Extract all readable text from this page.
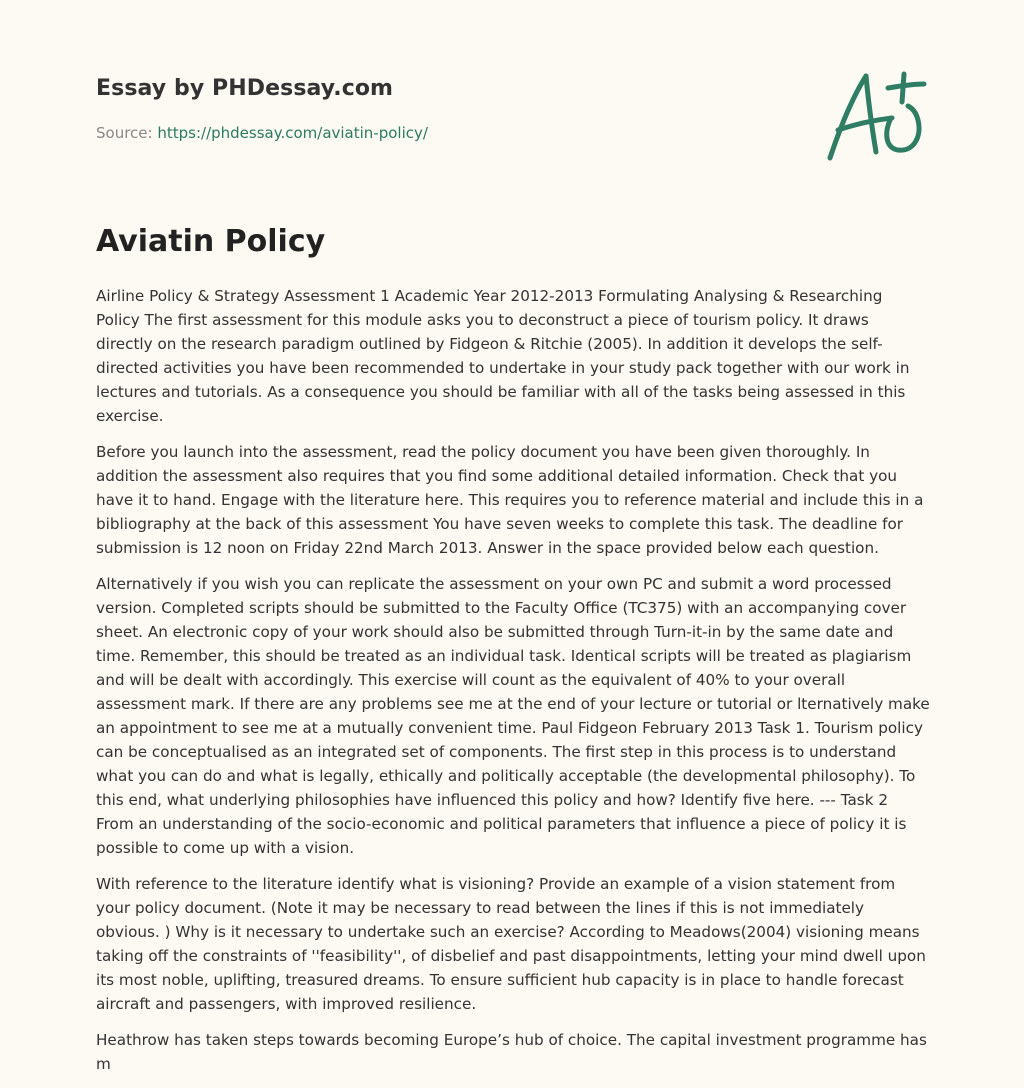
Essay by PHDessay.com

Source: https://phdessay.com/aviatin-policy/

Aviatin Policy

Airline Policy & Strategy Assessment 1 Academic Year 2012-2013 Formulating Analysing & Researching Policy The first assessment for this module asks you to deconstruct a piece of tourism policy. It draws directly on the research paradigm outlined by Fidgeon & Ritchie (2005). In addition it develops the self-directed activities you have been recommended to undertake in your study pack together with our work in lectures and tutorials. As a consequence you should be familiar with all of the tasks being assessed in this exercise.

Before you launch into the assessment, read the policy document you have been given thoroughly. In addition the assessment also requires that you find some additional detailed information. Check that you have it to hand. Engage with the literature here. This requires you to reference material and include this in a bibliography at the back of this assessment You have seven weeks to complete this task. The deadline for submission is 12 noon on Friday 22nd March 2013. Answer in the space provided below each question.

Alternatively if you wish you can replicate the assessment on your own PC and submit a word processed version. Completed scripts should be submitted to the Faculty Office (TC375) with an accompanying cover sheet. An electronic copy of your work should also be submitted through Turn-it-in by the same date and time. Remember, this should be treated as an individual task. Identical scripts will be treated as plagiarism and will be dealt with accordingly. This exercise will count as the equivalent of 40% to your overall assessment mark. If there are any problems see me at the end of your lecture or tutorial or lternatively make an appointment to see me at a mutually convenient time. Paul Fidgeon February 2013 Task 1. Tourism policy can be conceptualised as an integrated set of components. The first step in this process is to understand what you can do and what is legally, ethically and politically acceptable (the developmental philosophy). To this end, what underlying philosophies have influenced this policy and how? Identify five here. --- Task 2 From an understanding of the socio-economic and political parameters that influence a piece of policy it is possible to come up with a vision.

With reference to the literature identify what is visioning? Provide an example of a vision statement from your policy document. (Note it may be necessary to read between the lines if this is not immediately obvious. ) Why is it necessary to undertake such an exercise? According to Meadows(2004) visioning means taking off the constraints of ''feasibility'', of disbelief and past disappointments, letting your mind dwell upon its most noble, uplifting, treasured dreams. To ensure sufficient hub capacity is in place to handle forecast aircraft and passengers, with improved resilience.

Heathrow has taken steps towards becoming Europe’s hub of choice. The capital investment programme has m
